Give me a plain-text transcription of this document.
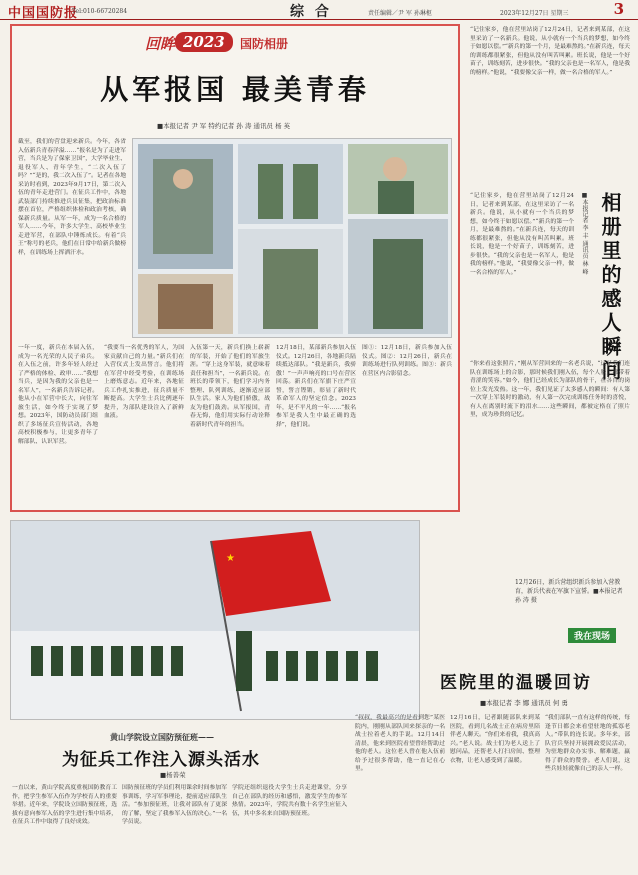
中国国防报
Tel:010-66720284	综 合	责任编辑／尹 军 孙琳枢	2023年12月27日 星期三	3
回眸 2023	国防相册
从军报国 最美青春
■本报记者 尹 军 特约记者 孙 涛 通讯员 杨 英
截至，我们的营盘迎来新兵。今年，各省入伍新兵青春洋溢……“报名是为了走进军营，当兵是为了保家卫国”，大学毕业生、退役军人、青年学生，“二次入伍了吗？”“是的，我二次入伍了”。记者在各地采访时看到，2023年9月17日，第二次入伍的青年走进营门。在征兵工作中，各地武装部门持续推进兵员征集，把政治标准摆在首位，严格组织体检和政治考核，确保新兵质量。从军一年，成为一名合格的军人……今年，许多大学生、高校毕业生走进军营，在部队中锤炼成长。有着“兵王”称号的老兵，他们在日常中给新兵做榜样，在训练场上挥洒汗水。
一年一度，新兵在本届入伍，成为一名光荣的人民子弟兵。在入伍之前，许多年轻人经过了严格的体检、政审……“我想当兵，是因为我的父亲也是一名军人”，一名新兵告诉记者。他从小在军营中长大，向往军旅生活，如今终于实现了梦想。2023年，国防动员部门组织了多场征兵宣传活动，各地高校积极参与，让更多青年了解部队、认识军营。
“我要当一名优秀的军人，为国家贡献自己的力量。”新兵们在入营仪式上发出誓言。他们将在军营中经受考验，在训练场上磨炼意志。近年来，各地征兵工作扎实推进，征兵质量不断提高。大学生士兵比例逐年提升，为部队建设注入了新鲜血液。
入伍第一天，新兵们换上崭新的军装，开始了他们的军旅生涯。“穿上这身军装，就意味着责任和担当”，一名新兵说。在班长的带领下，他们学习内务整理、队列训练，逐渐适应部队生活。家人为他们骄傲，战友为他们鼓劲。从军报国，青春无悔，他们用实际行动诠释着新时代青年的担当。
12月18日，某部新兵参加入伍仪式。12月26日，各地新兵陆续抵达部队。“我是新兵，我骄傲！”一声声响亮的口号在营区回荡。新兵们在军旗下庄严宣誓，誓言铿锵，彰显了新时代革命军人的坚定信念。2023年，是不平凡的一年……“报名参军是我人生中最正确的选择”，他们说。
图①：12月18日，新兵参加入伍仪式。图②：12月26日，新兵在训练场进行队列训练。图③：新兵在营区内合影留念。
“记住家乡，他在营里站岗了12月24日，记者来到某部，在这里采访了一名新兵。他说，从小就有一个当兵的梦想，如今终于如愿以偿。”“新兵的第一个月，是最难熬的。”在新兵连，每天的训练都很紧张，但他从没有叫苦叫累。班长说，他是一个好苗子，训练刻苦，进步很快。“我的父亲也是一名军人，他是我的榜样。”他说，“我要像父亲一样，做一名合格的军人。”
相册里的感人瞬间
■本报记者 李 丰 通讯员 林 峰
“记住家乡，他在营里站岗了12月24日，记者来到某部，在这里采访了一名新兵。他说，从小就有一个当兵的梦想，如今终于如愿以偿。”“新兵的第一个月，是最难熬的。”在新兵连，每天的训练都很紧张，但他从没有叫苦叫累。班长说，他是一个好苗子，训练刻苦，进步很快。“我的父亲也是一名军人，他是我的榜样。”他说，“我要像父亲一样，做一名合格的军人。”
“你来看这张照片，”刚从军营回来的一名老兵说，“这是我们连队在训练场上的合影，那时候我们刚入伍，每个人脸上都带着青涩的笑容。”如今，他们已经成长为部队的骨干，在各自的岗位上发光发热。这一年，我们见证了太多感人的瞬间：有人第一次穿上军装时的激动，有人第一次完成训练任务时的喜悦，有人在离别时流下的泪水……这些瞬间，都被定格在了照片里，成为珍贵的记忆。
★
12月26日，新兵营组织新兵参加入营教育，新兵代表在军旗下宣誓。■本报记者 孙 涛 摄
我在现场
医院里的温暖回访
■本报记者 李 娜 通讯员 何 勇
“叔叔，我最高兴的是看到您”某医院内，刚刚从部队回来探亲的一名战士拉着老人的手说。12月14日清晨，他来到医院看望曾经帮助过他的老人。这位老人曾在他入伍前给予过很多帮助，他一直记在心里。
12月16日，记者跟随部队来到某医院，看到几名战士正在病房里陪伴老人聊天。“你们来看我，我真高兴。”老人说。战士们为老人送上了慰问品，还帮老人打扫房间、整理衣物，让老人感受到了温暖。
“我们部队一直有这样的传统，每逢节日都会来看望驻地的孤寡老人。”带队的连长说。多年来，部队官兵坚持开展拥政爱民活动，为驻地群众办实事、解难题，赢得了群众的赞誉。老人们说，这些兵娃娃就像自己的亲人一样。
黄山学院设立国防预征班——
为征兵工作注入源头活水
■杨善荣
一直以来，黄山学院高度重视国防教育工作，把学生参军入伍作为学校育人的重要举措。近年来，学院设立国防预征班，选拔有意向参军入伍的学生进行集中培养，在征兵工作中取得了良好成效。
国防预征班的学员们利用课余时间参加军事训练，学习军事理论，提前适应部队生活。“参加预征班，让我对部队有了更深的了解，坚定了我参军入伍的决心。”一名学员说。
学院还组织退役大学生士兵走进课堂，分享自己在部队的经历和感悟，激发学生的参军热情。2023年，学院共有数十名学生应征入伍，其中多名来自国防预征班。
